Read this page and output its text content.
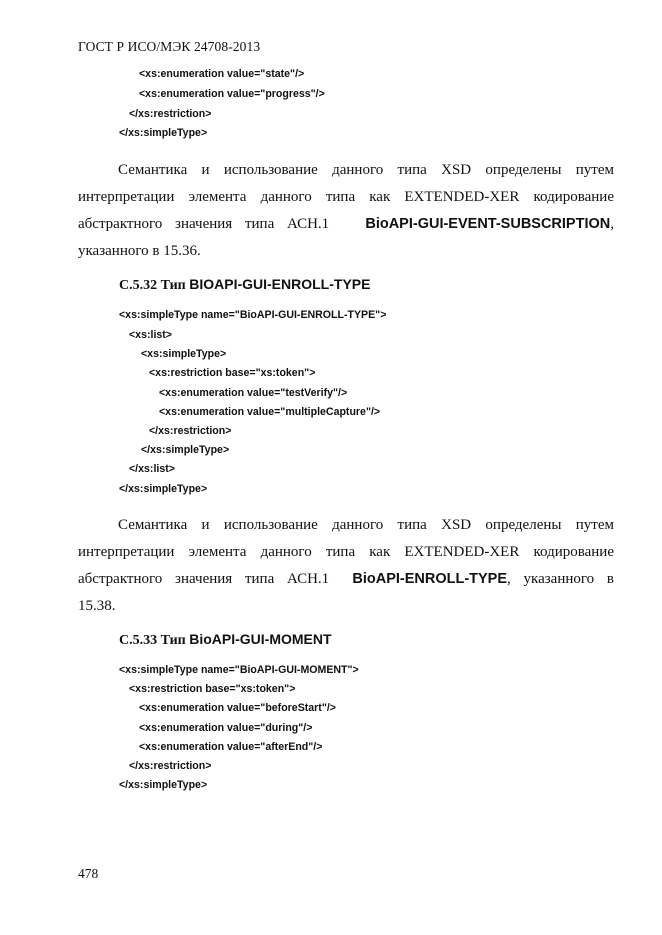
ГОСТ Р ИСО/МЭК 24708-2013
<xs:enumeration value="state"/>
<xs:enumeration value="progress"/>
</xs:restriction>
</xs:simpleType>
Семантика и использование данного типа XSD определены путем
интерпретации элемента данного типа как EXTENDED-XER кодирование
абстрактного значения типа АСН.1 BioAPI-GUI-EVENT-SUBSCRIPTION,
указанного в 15.36.
С.5.32 Тип BIOAPI-GUI-ENROLL-TYPE
<xs:simpleType name="BioAPI-GUI-ENROLL-TYPE">
<xs:list>
<xs:simpleType>
<xs:restriction base="xs:token">
<xs:enumeration value="testVerify"/>
<xs:enumeration value="multipleCapture"/>
</xs:restriction>
</xs:simpleType>
</xs:list>
</xs:simpleType>
Семантика и использование данного типа XSD определены путем
интерпретации элемента данного типа как EXTENDED-XER кодирование
абстрактного значения типа АСН.1 BioAPI-ENROLL-TYPE, указанного в
15.38.
С.5.33 Тип BioAPI-GUI-MOMENT
<xs:simpleType name="BioAPI-GUI-MOMENT">
<xs:restriction base="xs:token">
<xs:enumeration value="beforeStart"/>
<xs:enumeration value="during"/>
<xs:enumeration value="afterEnd"/>
</xs:restriction>
</xs:simpleType>
478
